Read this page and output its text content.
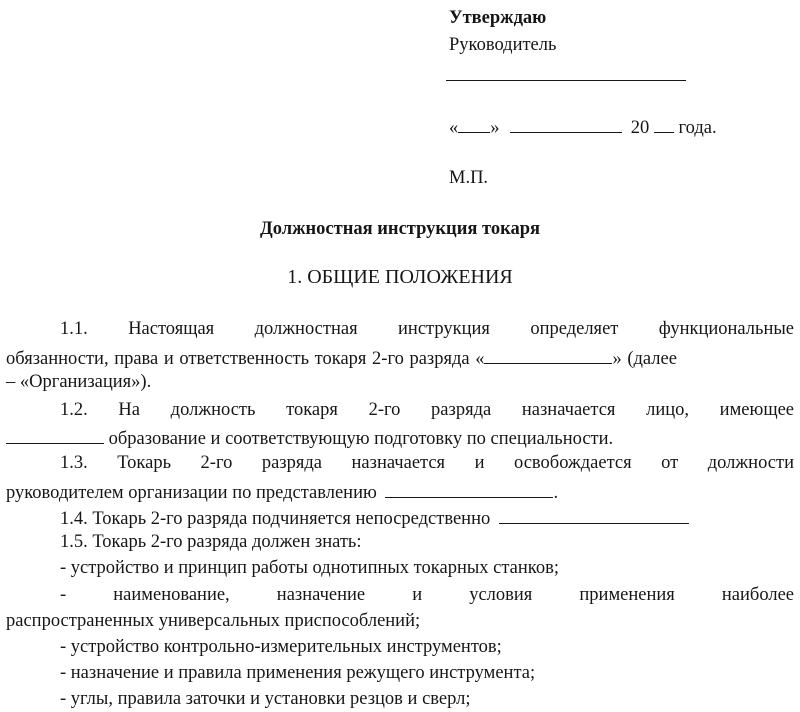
Утверждаю
Руководитель
« »	20 года.
М.П.
Должностная инструкция токаря
1. ОБЩИЕ ПОЛОЖЕНИЯ
1.1. Настоящая должностная инструкция определяет функциональные
обязанности, права и ответственность токаря 2-го разряда «	» (далее
– «Организация»).
1.2. На должность токаря 2-го разряда назначается лицо, имеющее
образование и соответствующую подготовку по специальности.
1.3. Токарь 2-го разряда назначается и освобождается от должности
руководителем организации по представлению	.
1.4. Токарь 2-го разряда подчиняется непосредственно
1.5. Токарь 2-го разряда должен знать:
- устройство и принцип работы однотипных токарных станков;
- наименование, назначение и условия применения наиболее
распространенных универсальных приспособлений;
- устройство контрольно-измерительных инструментов;
- назначение и правила применения режущего инструмента;
- углы, правила заточки и установки резцов и сверл;
